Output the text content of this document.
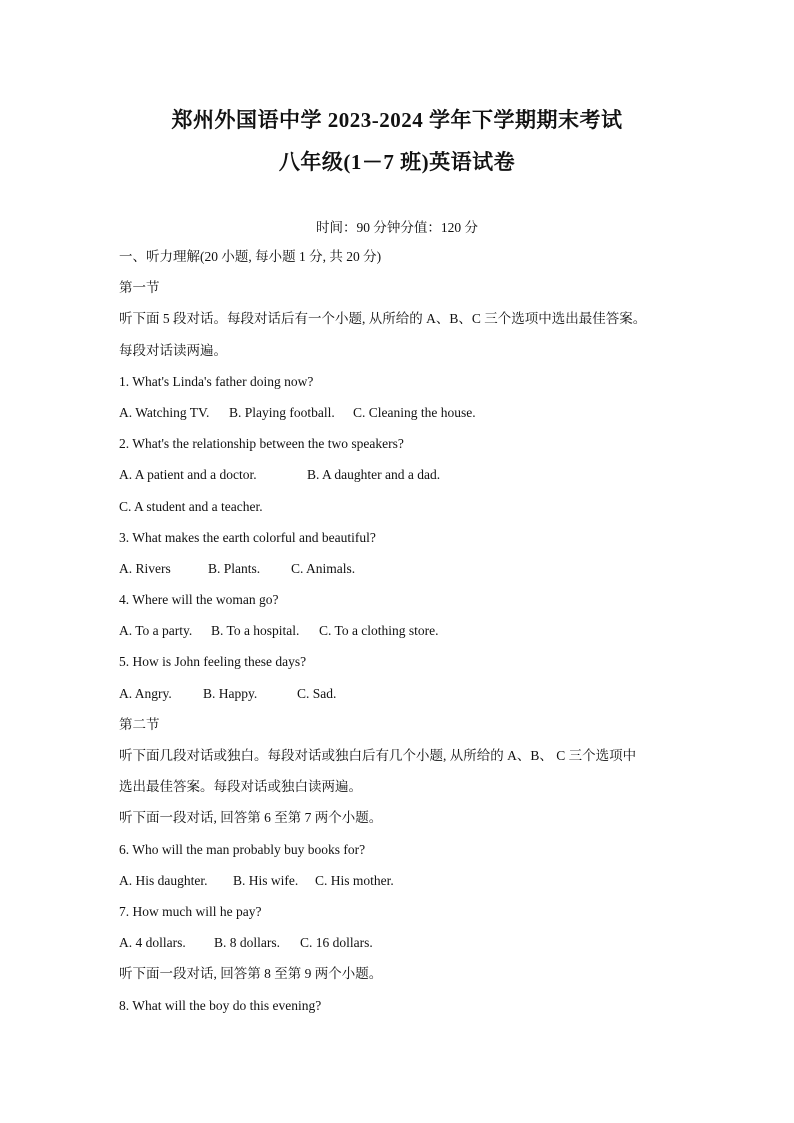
郑州外国语中学 2023-2024 学年下学期期末考试
八年级(1－7 班)英语试卷
时间：90 分钟分值：120 分
一、听力理解(20 小题, 每小题 1 分, 共 20 分)
第一节
听下面 5 段对话。每段对话后有一个小题, 从所给的 A、B、C 三个选项中选出最佳答案。
每段对话读两遍。
1. What's Linda's father doing now?
A. Watching TV. B. Playing football. C. Cleaning the house.
2. What's the relationship between the two speakers?
A. A patient and a doctor.	B. A daughter and a dad.
C. A student and a teacher.
3. What makes the earth colorful and beautiful?
A. Rivers	B. Plants. C. Animals.
4. Where will the woman go?
A. To a party. B. To a hospital. C. To a clothing store.
5. How is John feeling these days?
A. Angry. B. Happy.	C. Sad.
第二节
听下面几段对话或独白。每段对话或独白后有几个小题, 从所给的 A、B、 C 三个选项中
选出最佳答案。每段对话或独白读两遍。
听下面一段对话, 回答第 6 至第 7 两个小题。
6. Who will the man probably buy books for?
A. His daughter. B. His wife. C. His mother.
7. How much will he pay?
A. 4 dollars. B. 8 dollars. C. 16 dollars.
听下面一段对话, 回答第 8 至第 9 两个小题。
8. What will the boy do this evening?
